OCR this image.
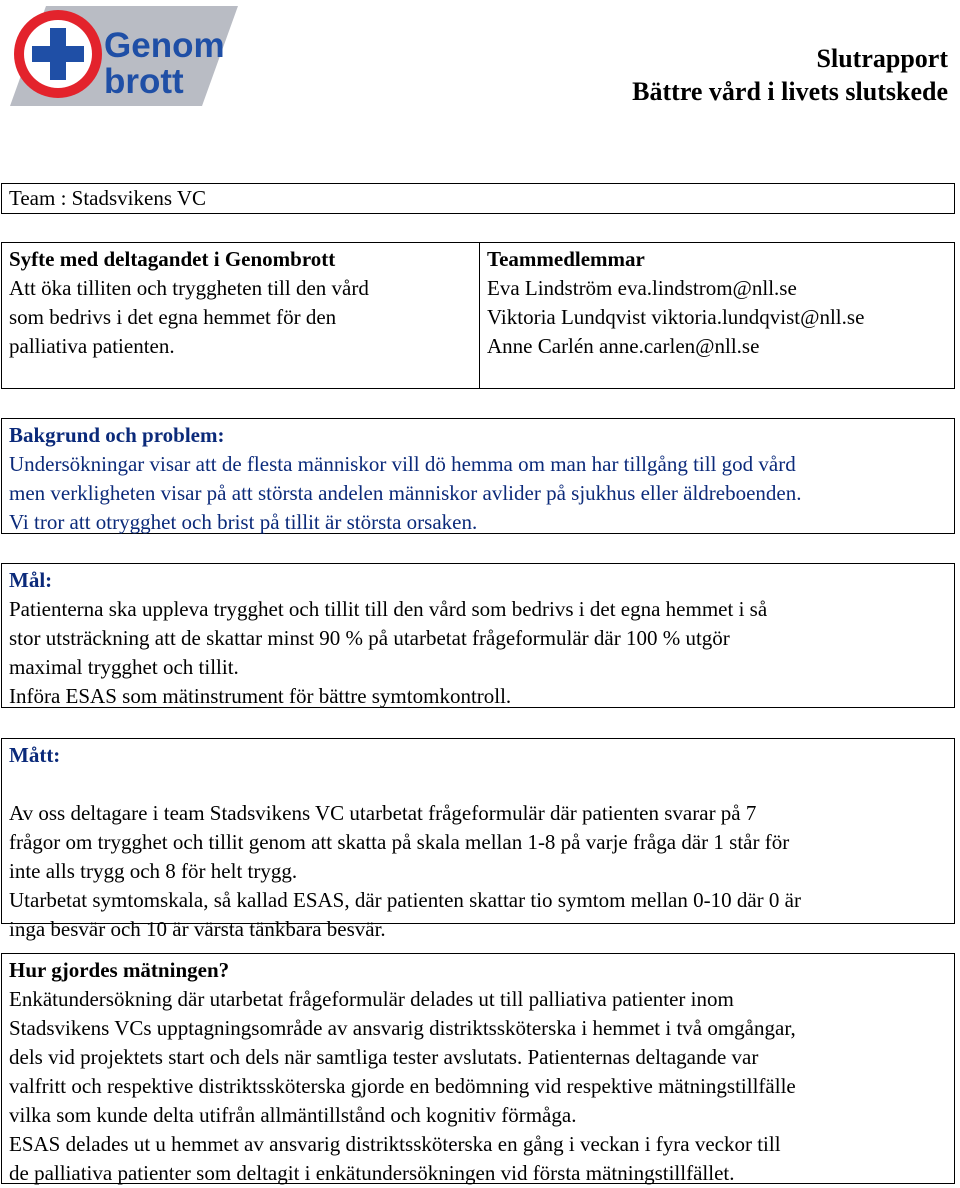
Genom
brott
Slutrapport
Bättre vård i livets slutskede
Team : Stadsvikens VC
Syfte med deltagandet i Genombrott
Att öka tilliten och tryggheten till den vård
som bedrivs i det egna hemmet för den
palliativa patienten.
Teammedlemmar
Eva Lindström eva.lindstrom@nll.se
Viktoria Lundqvist viktoria.lundqvist@nll.se
Anne Carlén anne.carlen@nll.se
Bakgrund och problem:
Undersökningar visar att de flesta människor vill dö hemma om man har tillgång till god vård
men verkligheten visar på att största andelen människor avlider på sjukhus eller äldreboenden.
Vi tror att otrygghet och brist på tillit är största orsaken.
Mål:
Patienterna ska uppleva trygghet och tillit till den vård som bedrivs i det egna hemmet i så
stor utsträckning att de skattar minst 90 % på utarbetat frågeformulär där 100 % utgör
maximal trygghet och tillit.
Införa ESAS som mätinstrument för bättre symtomkontroll.
Mått:
Av oss deltagare i team Stadsvikens VC utarbetat frågeformulär där patienten svarar på 7
frågor om trygghet och tillit genom att skatta på skala mellan 1-8 på varje fråga där 1 står för
inte alls trygg och 8 för helt trygg.
Utarbetat symtomskala, så kallad ESAS, där patienten skattar tio symtom mellan 0-10 där 0 är
inga besvär och 10 är värsta tänkbara besvär.
Hur gjordes mätningen?
Enkätundersökning där utarbetat frågeformulär delades ut till palliativa patienter inom
Stadsvikens VCs upptagningsområde av ansvarig distriktssköterska i hemmet i två omgångar,
dels vid projektets start och dels när samtliga tester avslutats. Patienternas deltagande var
valfritt och respektive distriktssköterska gjorde en bedömning vid respektive mätningstillfälle
vilka som kunde delta utifrån allmäntillstånd och kognitiv förmåga.
ESAS delades ut u hemmet av ansvarig distriktssköterska en gång i veckan i fyra veckor till
de palliativa patienter som deltagit i enkätundersökningen vid första mätningstillfället.
